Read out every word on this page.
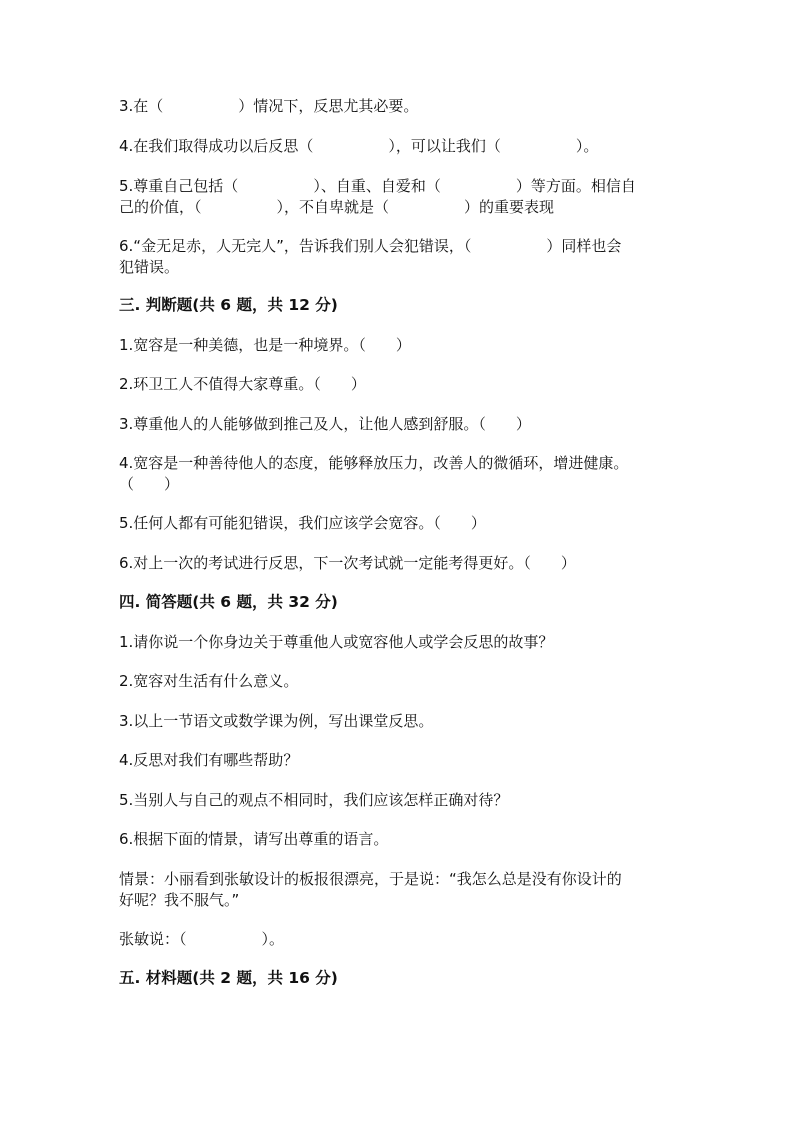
3.在（　　　　　）情况下，反思尤其必要。
4.在我们取得成功以后反思（　　　　　），可以让我们（　　　　　）。
5.尊重自己包括（　　　　　）、自重、自爱和（　　　　　）等方面。相信自
己的价值，（　　　　　），不自卑就是（　　　　　）的重要表现
6.“金无足赤，人无完人”，告诉我们别人会犯错误，（　　　　　）同样也会
犯错误。
三. 判断题(共 6 题，共 12 分)
1.宽容是一种美德，也是一种境界。（　　）
2.环卫工人不值得大家尊重。（　　）
3.尊重他人的人能够做到推己及人，让他人感到舒服。（　　）
4.宽容是一种善待他人的态度，能够释放压力，改善人的微循环，增进健康。
（　　）
5.任何人都有可能犯错误，我们应该学会宽容。（　　）
6.对上一次的考试进行反思，下一次考试就一定能考得更好。（　　）
四. 简答题(共 6 题，共 32 分)
1.请你说一个你身边关于尊重他人或宽容他人或学会反思的故事？
2.宽容对生活有什么意义。
3.以上一节语文或数学课为例，写出课堂反思。
4.反思对我们有哪些帮助？
5.当别人与自己的观点不相同时，我们应该怎样正确对待？
6.根据下面的情景，请写出尊重的语言。
情景：小丽看到张敏设计的板报很漂亮，于是说：“我怎么总是没有你设计的
好呢？我不服气。”
张敏说：（　　　　　）。
五. 材料题(共 2 题，共 16 分)
